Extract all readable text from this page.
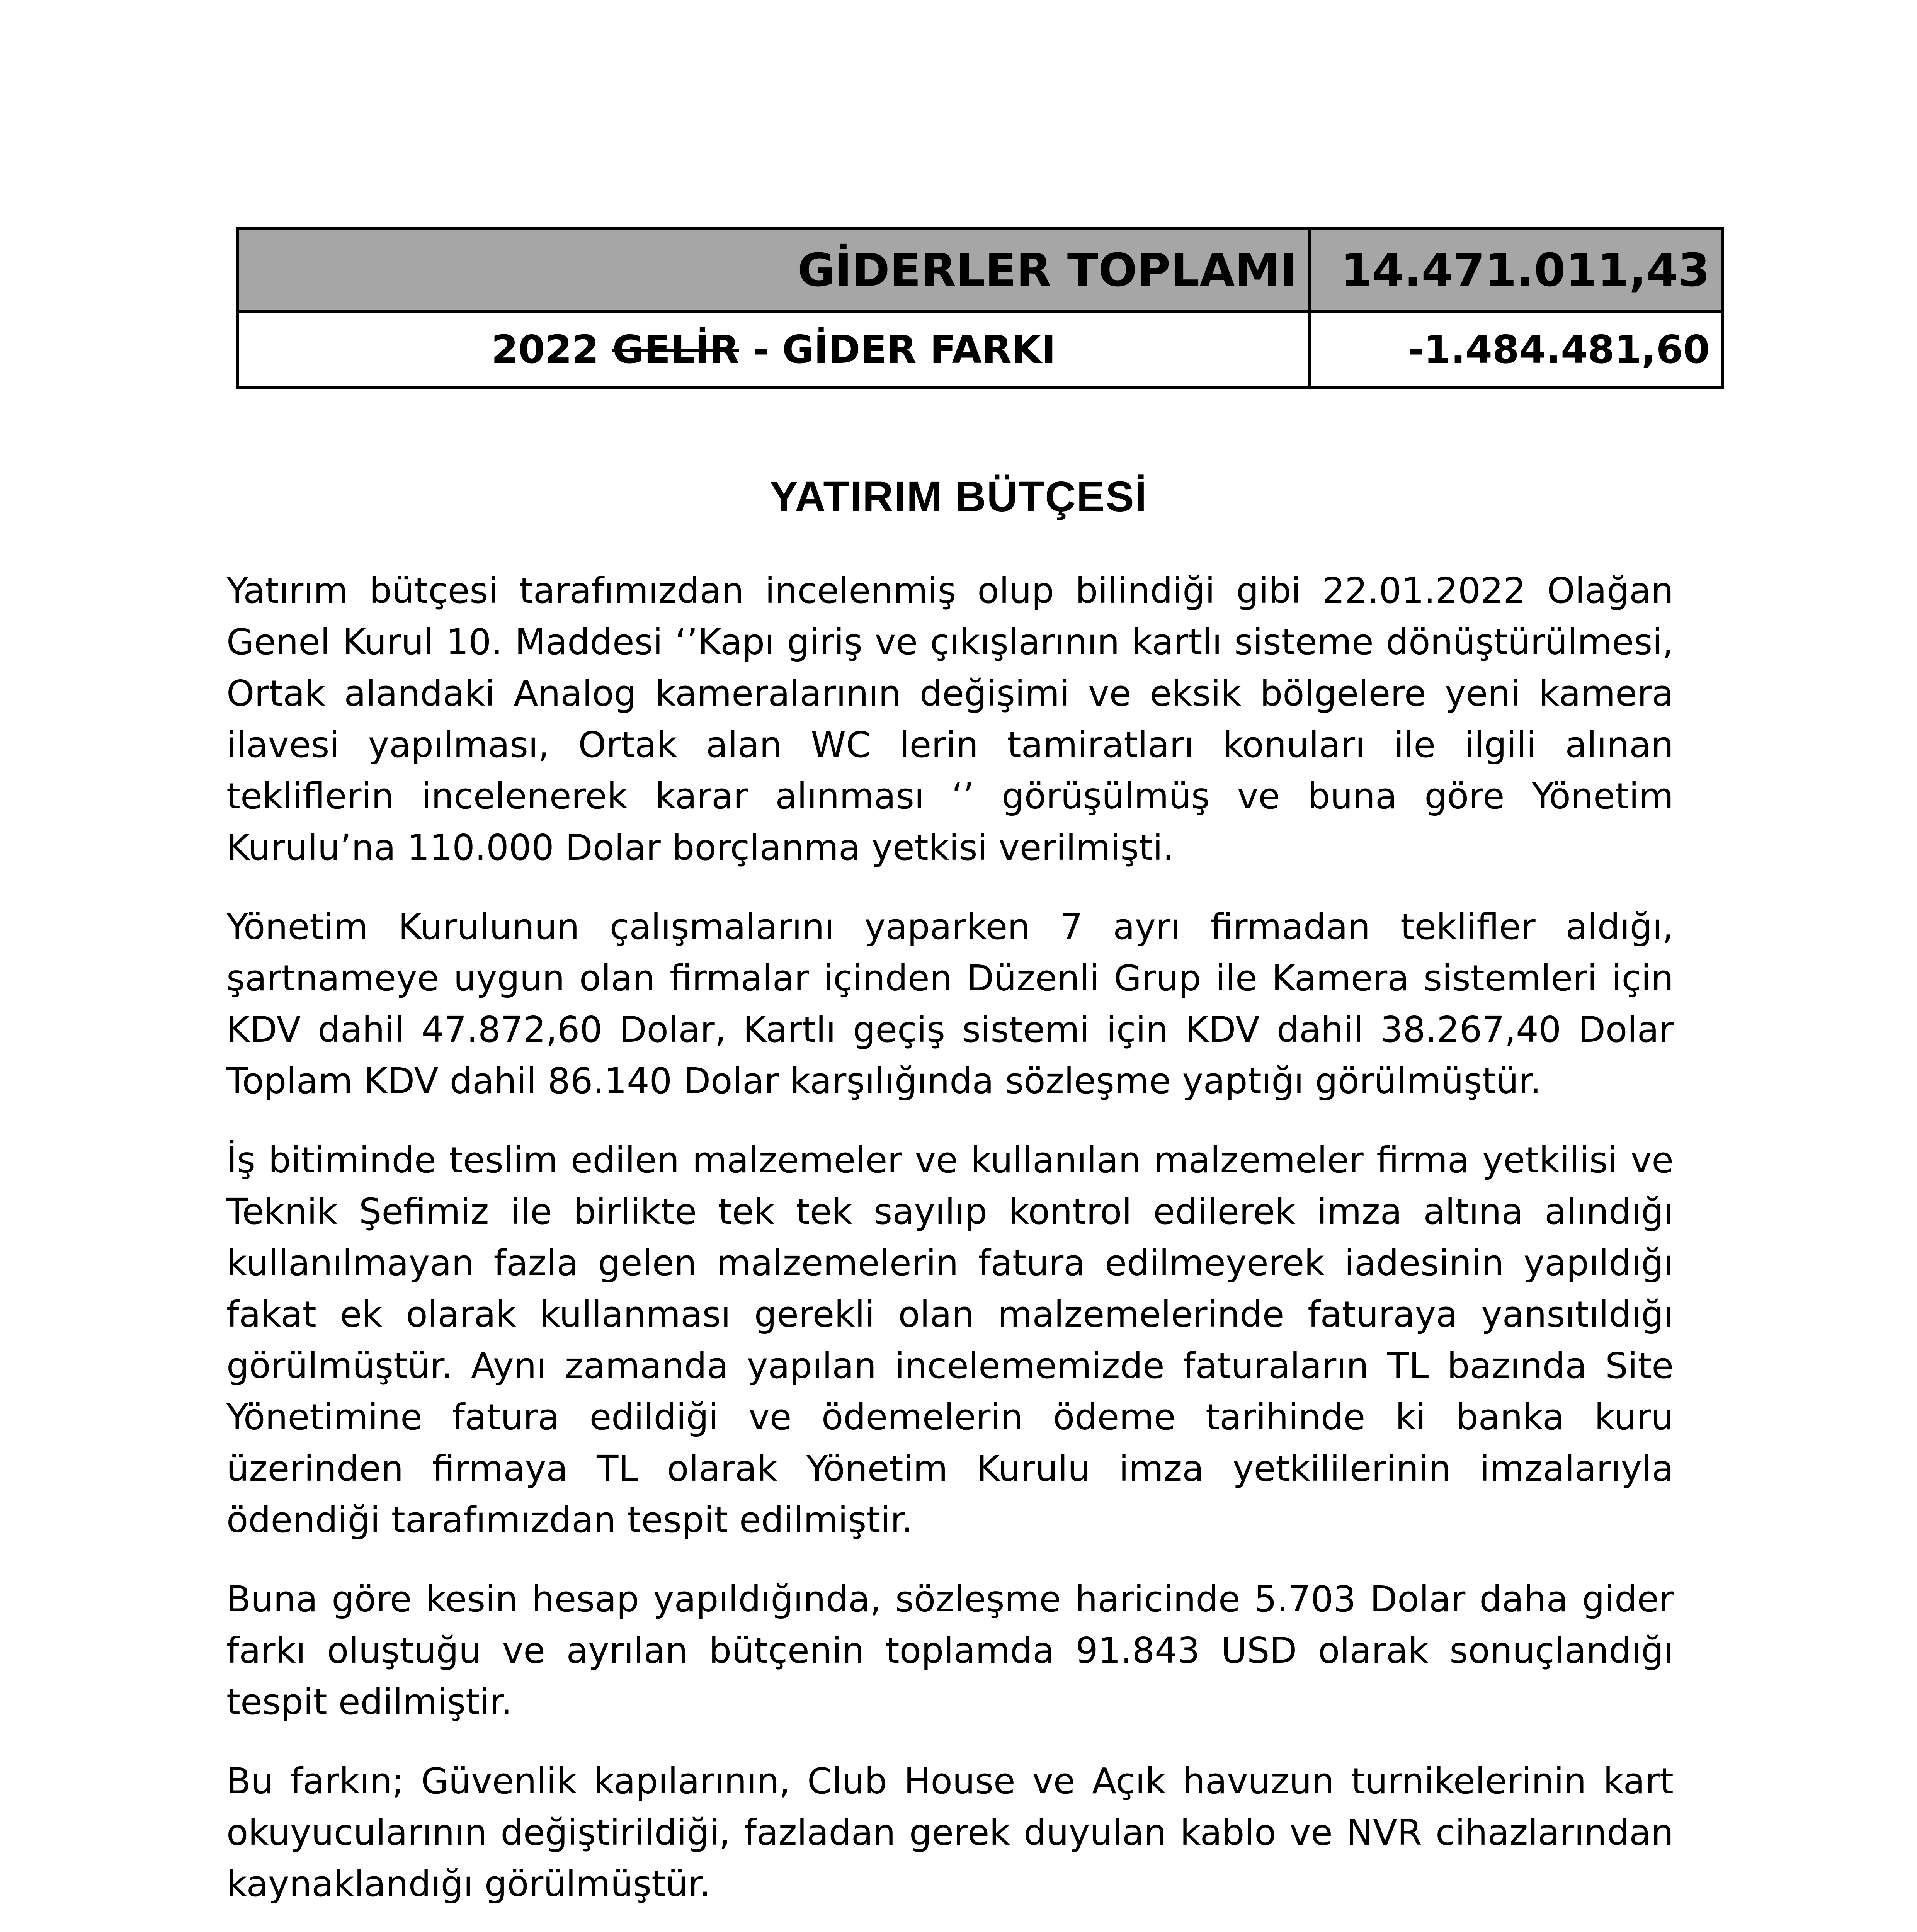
GİDERLER TOPLAMI	14.471.011,43
2022 GELİR - GİDER FARKI	-1.484.481,60
YATIRIM BÜTÇESİ

Yatırım bütçesi tarafımızdan incelenmiş olup bilindiği gibi 22.01.2022 Olağan Genel Kurul 10. Maddesi ‘’Kapı giriş ve çıkışlarının kartlı sisteme dönüştürülmesi, Ortak alandaki Analog kameralarının değişimi ve eksik bölgelere yeni kamera ilavesi yapılması, Ortak alan WC lerin tamiratları konuları ile ilgili alınan tekliflerin incelenerek karar alınması ‘’ görüşülmüş ve buna göre Yönetim Kurulu’na 110.000 Dolar borçlanma yetkisi verilmişti.

Yönetim Kurulunun çalışmalarını yaparken 7 ayrı firmadan teklifler aldığı, şartnameye uygun olan firmalar içinden Düzenli Grup ile Kamera sistemleri için KDV dahil 47.872,60 Dolar, Kartlı geçiş sistemi için KDV dahil 38.267,40 Dolar Toplam KDV dahil 86.140 Dolar karşılığında sözleşme yaptığı görülmüştür.

İş bitiminde teslim edilen malzemeler ve kullanılan malzemeler firma yetkilisi ve Teknik Şefimiz ile birlikte tek tek sayılıp kontrol edilerek imza altına alındığı kullanılmayan fazla gelen malzemelerin fatura edilmeyerek iadesinin yapıldığı fakat ek olarak kullanması gerekli olan malzemelerinde faturaya yansıtıldığı görülmüştür. Aynı zamanda yapılan incelememizde faturaların TL bazında Site Yönetimine fatura edildiği ve ödemelerin ödeme tarihinde ki banka kuru üzerinden firmaya TL olarak Yönetim Kurulu imza yetkililerinin imzalarıyla ödendiği tarafımızdan tespit edilmiştir.

Buna göre kesin hesap yapıldığında, sözleşme haricinde 5.703 Dolar daha gider farkı oluştuğu ve ayrılan bütçenin toplamda 91.843 USD olarak sonuçlandığı tespit edilmiştir.

Bu farkın; Güvenlik kapılarının, Club House ve Açık havuzun turnikelerinin kart okuyucularının değiştirildiği, fazladan gerek duyulan kablo ve NVR cihazlarından kaynaklandığı görülmüştür.
